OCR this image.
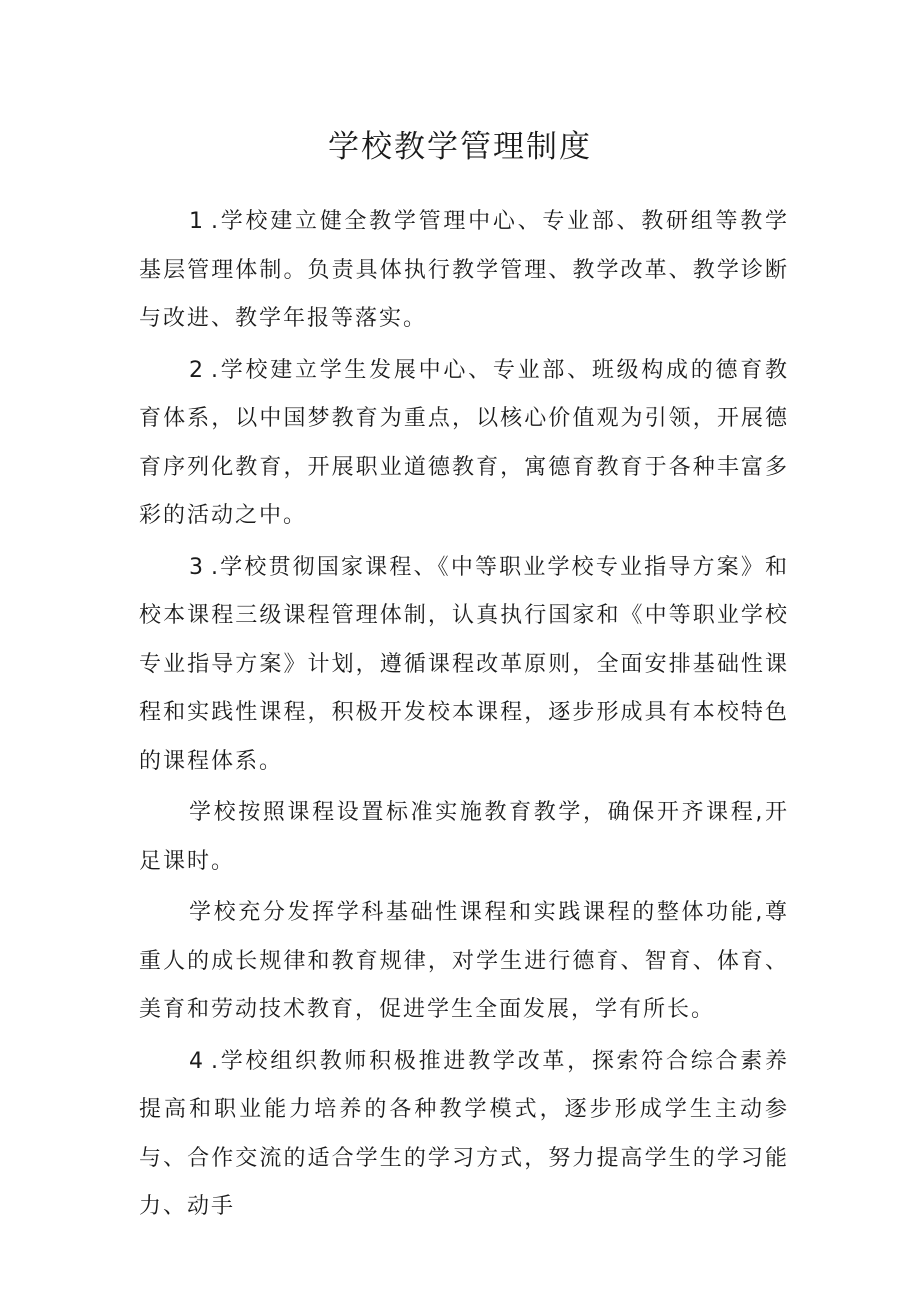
学校教学管理制度

1 .学校建立健全教学管理中心、专业部、教研组等教学基层管理体制。负责具体执行教学管理、教学改革、教学诊断与改进、教学年报等落实。

2 .学校建立学生发展中心、专业部、班级构成的德育教育体系，以中国梦教育为重点，以核心价值观为引领，开展德育序列化教育，开展职业道德教育，寓德育教育于各种丰富多彩的活动之中。

3 .学校贯彻国家课程、《中等职业学校专业指导方案》和校本课程三级课程管理体制，认真执行国家和《中等职业学校专业指导方案》计划，遵循课程改革原则，全面安排基础性课程和实践性课程，积极开发校本课程，逐步形成具有本校特色的课程体系。

学校按照课程设置标准实施教育教学，确保开齐课程,开足课时。

学校充分发挥学科基础性课程和实践课程的整体功能,尊重人的成长规律和教育规律，对学生进行德育、智育、体育、美育和劳动技术教育，促进学生全面发展，学有所长。

4 .学校组织教师积极推进教学改革，探索符合综合素养提高和职业能力培养的各种教学模式，逐步形成学生主动参与、合作交流的适合学生的学习方式，努力提高学生的学习能力、动手
